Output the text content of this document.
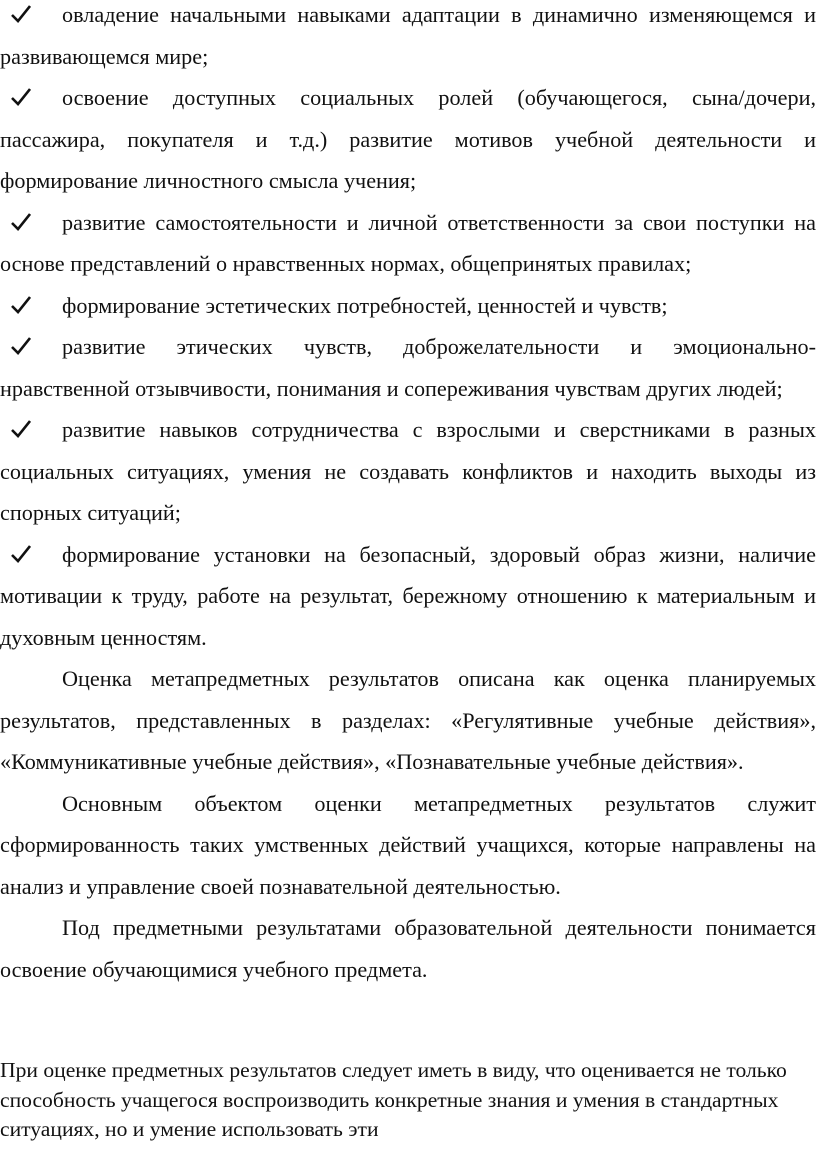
овладение начальными навыками адаптации в динамично изменяющемся и развивающемся мире;

освоение доступных социальных ролей (обучающегося, сына/дочери, пассажира, покупателя и т.д.) развитие мотивов учебной деятельности и формирование личностного смысла учения;

развитие самостоятельности и личной ответственности за свои поступки на основе представлений о нравственных нормах, общепринятых правилах;

формирование эстетических потребностей, ценностей и чувств;

развитие этических чувств, доброжелательности и эмоционально-нравственной отзывчивости, понимания и сопереживания чувствам других людей;

развитие навыков сотрудничества с взрослыми и сверстниками в разных социальных ситуациях, умения не создавать конфликтов и находить выходы из спорных ситуаций;

формирование установки на безопасный, здоровый образ жизни, наличие мотивации к труду, работе на результат, бережному отношению к материальным и духовным ценностям.

Оценка метапредметных результатов описана как оценка планируемых результатов, представленных в разделах: «Регулятивные учебные действия», «Коммуникативные учебные действия», «Познавательные учебные действия».

Основным объектом оценки метапредметных результатов служит сформированность таких умственных действий учащихся, которые направлены на анализ и управление своей познавательной деятельностью.

Под предметными результатами образовательной деятельности понимается освоение обучающимися учебного предмета.

При оценке предметных результатов следует иметь в виду, что оценивается не только способность учащегося воспроизводить конкретные знания и умения в стандартных ситуациях, но и умение использовать эти
